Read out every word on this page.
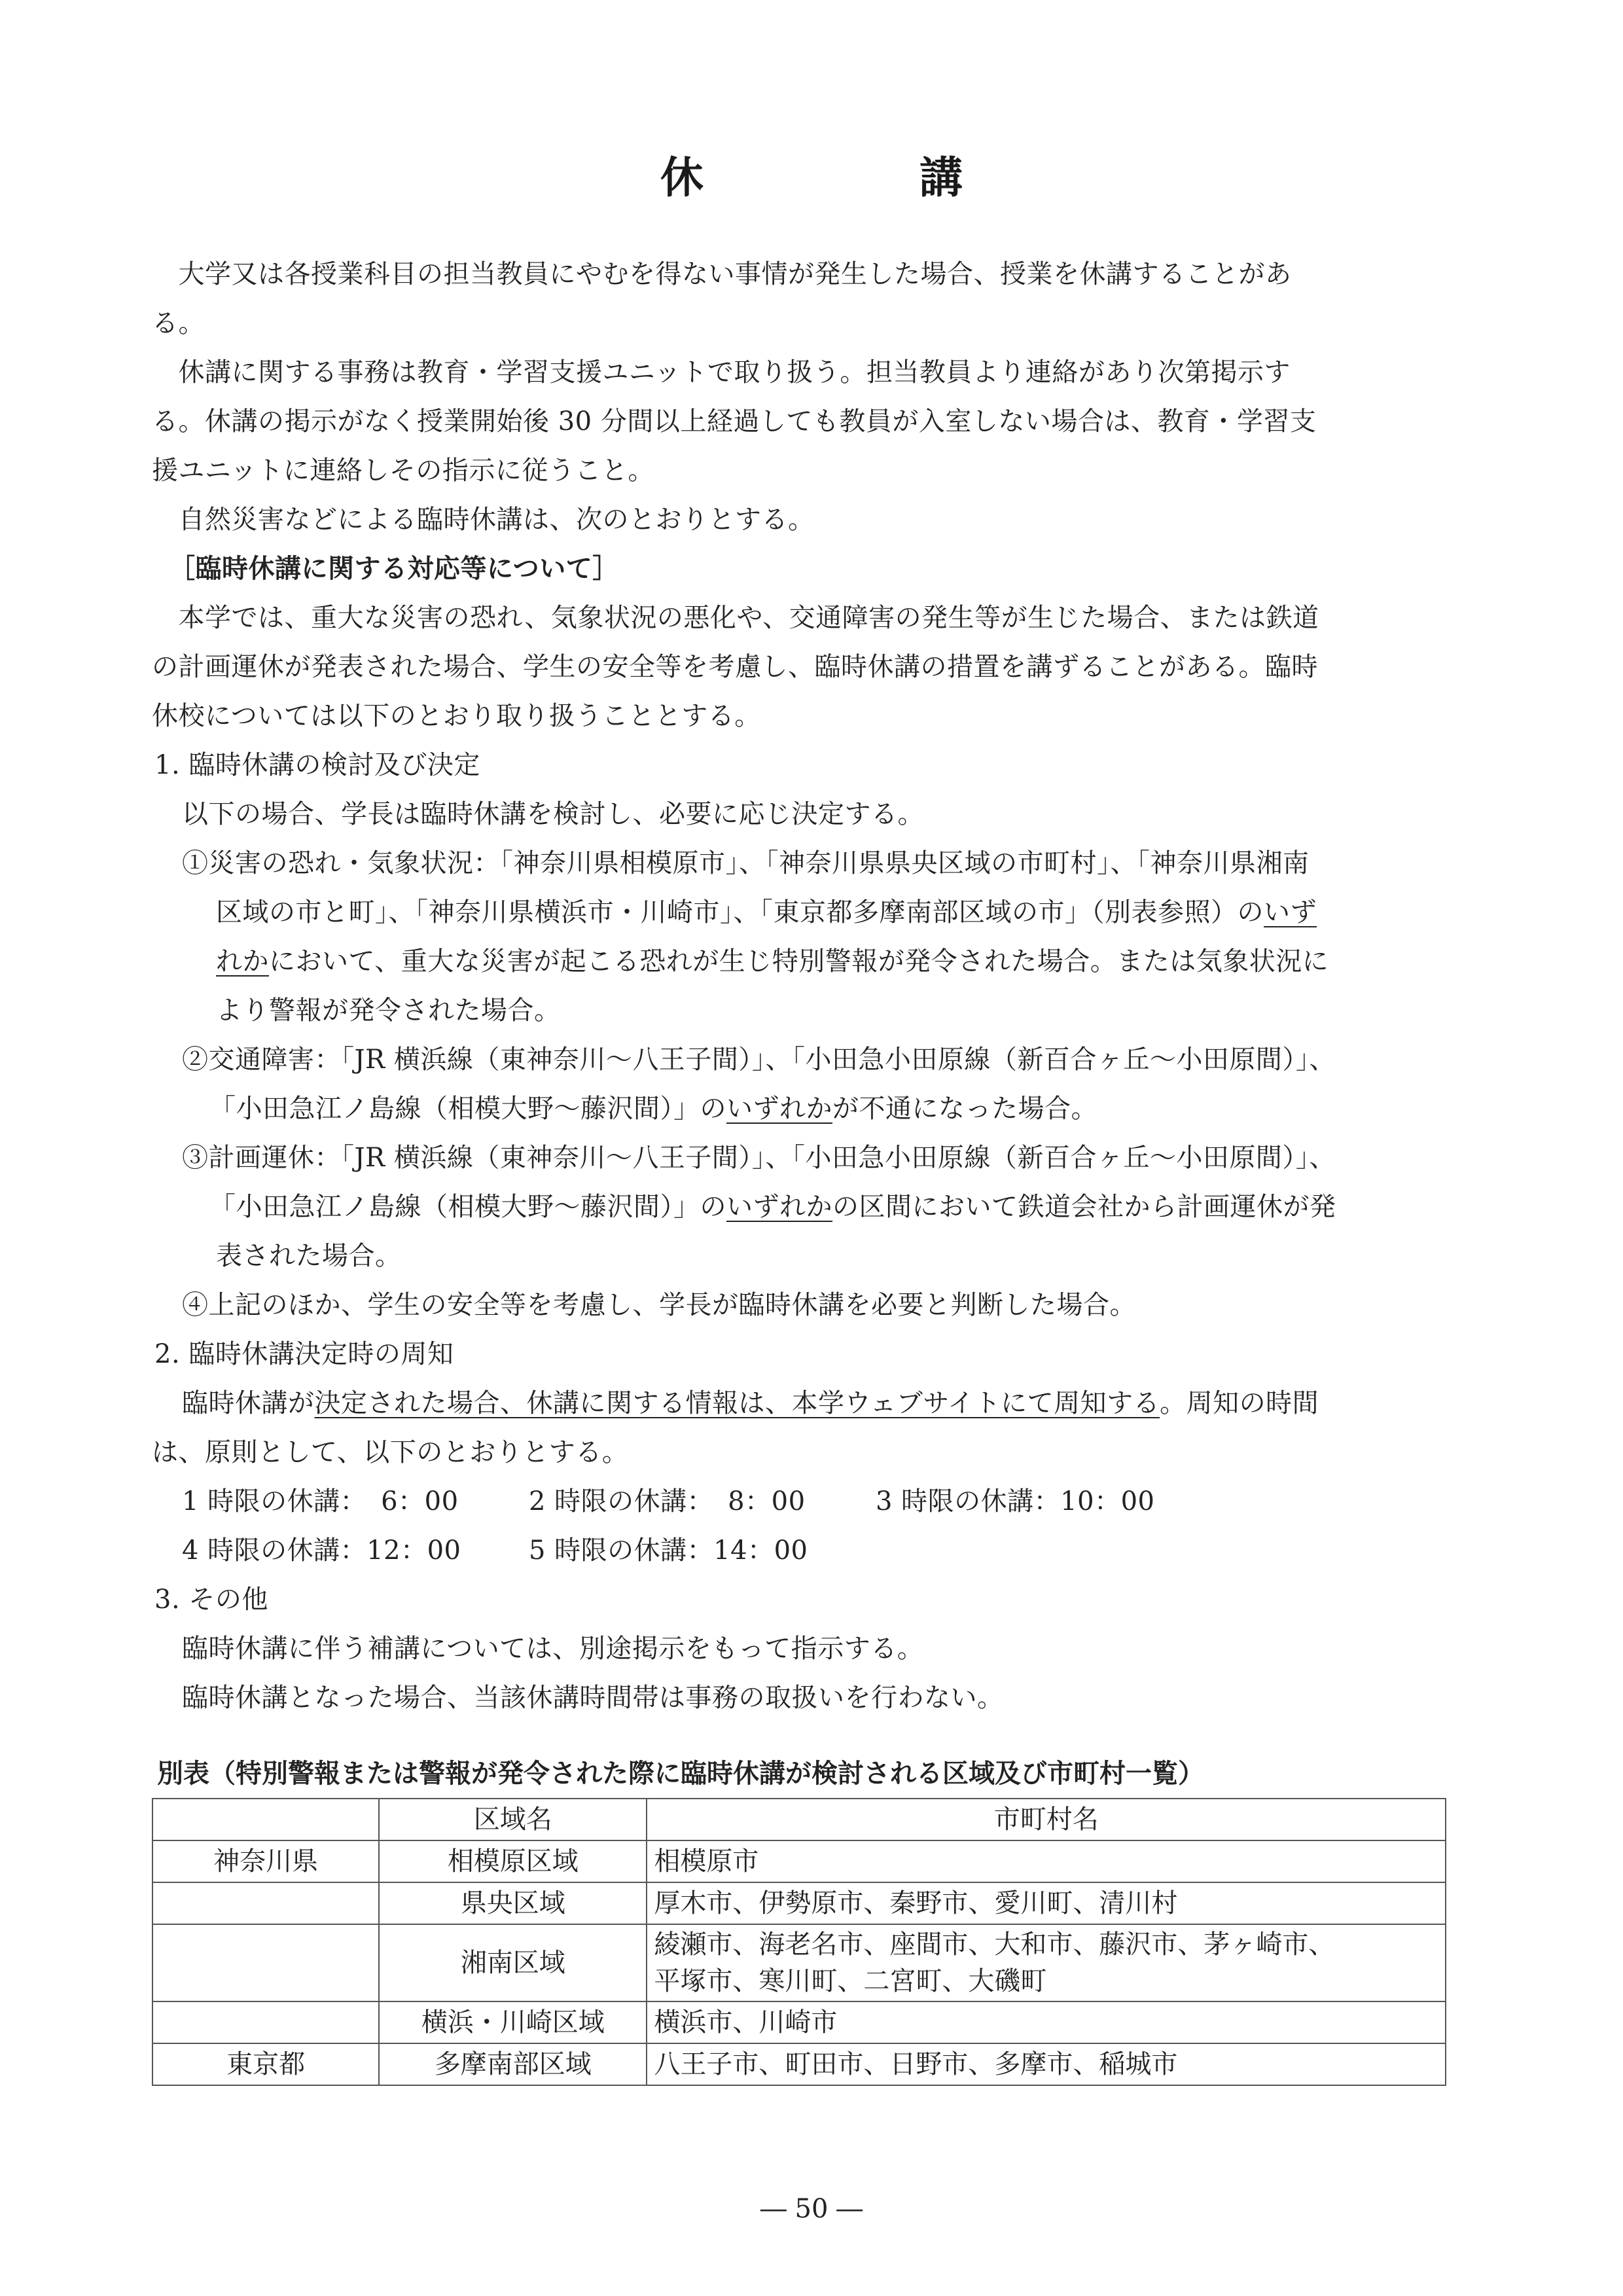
休	講
　大学又は各授業科目の担当教員にやむを得ない事情が発生した場合、授業を休講することがあ
る。
　休講に関する事務は教育・学習支援ユニットで取り扱う。担当教員より連絡があり次第掲示す
る。休講の掲示がなく授業開始後 30 分間以上経過しても教員が入室しない場合は、教育・学習支
援ユニットに連絡しその指示に従うこと。
　自然災害などによる臨時休講は、次のとおりとする。
［臨時休講に関する対応等について］
　本学では、重大な災害の恐れ、気象状況の悪化や、交通障害の発生等が生じた場合、または鉄道
の計画運休が発表された場合、学生の安全等を考慮し、臨時休講の措置を講ずることがある。臨時
休校については以下のとおり取り扱うこととする。
1. 臨時休講の検討及び決定
以下の場合、学長は臨時休講を検討し、必要に応じ決定する。
①災害の恐れ・気象状況：「神奈川県相模原市」、「神奈川県県央区域の市町村」、「神奈川県湘南
区域の市と町」、「神奈川県横浜市・川崎市」、「東京都多摩南部区域の市」（別表参照）のいず
れかにおいて、重大な災害が起こる恐れが生じ特別警報が発令された場合。または気象状況に
より警報が発令された場合。
②交通障害：「JR 横浜線（東神奈川～八王子間）」、「小田急小田原線（新百合ヶ丘～小田原間）」、
「小田急江ノ島線（相模大野～藤沢間）」のいずれかが不通になった場合。
③計画運休：「JR 横浜線（東神奈川～八王子間）」、「小田急小田原線（新百合ヶ丘～小田原間）」、
「小田急江ノ島線（相模大野～藤沢間）」のいずれかの区間において鉄道会社から計画運休が発
表された場合。
④上記のほか、学生の安全等を考慮し、学長が臨時休講を必要と判断した場合。
2. 臨時休講決定時の周知
臨時休講が決定された場合、休講に関する情報は、本学ウェブサイトにて周知する。周知の時間
は、原則として、以下のとおりとする。
1 時限の休講： 6：00	2 時限の休講： 8：00	3 時限の休講：10：00
4 時限の休講：12：00	5 時限の休講：14：00
3. その他
臨時休講に伴う補講については、別途掲示をもって指示する。
臨時休講となった場合、当該休講時間帯は事務の取扱いを行わない。
別表（特別警報または警報が発令された際に臨時休講が検討される区域及び市町村一覧）
	区域名	市町村名
神奈川県	相模原区域	相模原市
	県央区域	厚木市、伊勢原市、秦野市、愛川町、清川村
	湘南区域	綾瀬市、海老名市、座間市、大和市、藤沢市、茅ヶ崎市、
平塚市、寒川町、二宮町、大磯町

	横浜・川崎区域	横浜市、川崎市
東京都	多摩南部区域	八王子市、町田市、日野市、多摩市、稲城市
― 50 ―
